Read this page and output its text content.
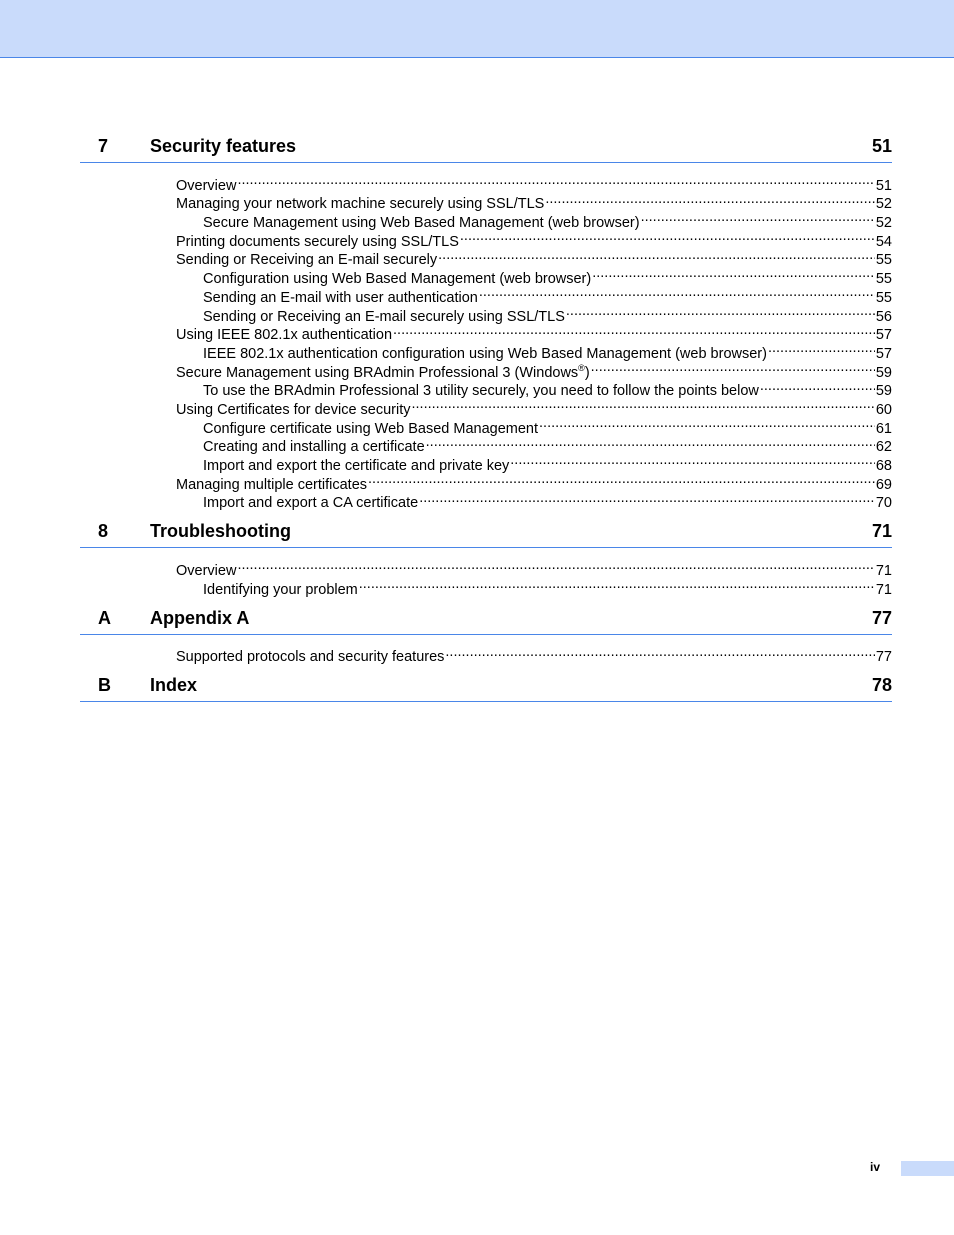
7	Security features	51
Overview .....	51
Managing your network machine securely using SSL/TLS .....	52
Secure Management using Web Based Management (web browser) .....	52
Printing documents securely using SSL/TLS .....	54
Sending or Receiving an E-mail securely .....	55
Configuration using Web Based Management (web browser) .....	55
Sending an E-mail with user authentication .....	55
Sending or Receiving an E-mail securely using SSL/TLS .....	56
Using IEEE 802.1x authentication .....	57
IEEE 802.1x authentication configuration using Web Based Management (web browser) .....	57
Secure Management using BRAdmin Professional 3 (Windows®) .....	59
To use the BRAdmin Professional 3 utility securely, you need to follow the points below .....	59
Using Certificates for device security .....	60
Configure certificate using Web Based Management .....	61
Creating and installing a certificate .....	62
Import and export the certificate and private key .....	68
Managing multiple certificates .....	69
Import and export a CA certificate .....	70
8	Troubleshooting	71
Overview .....	71
Identifying your problem .....	71
A	Appendix A	77
Supported protocols and security features .....	77
B	Index	78
iv
